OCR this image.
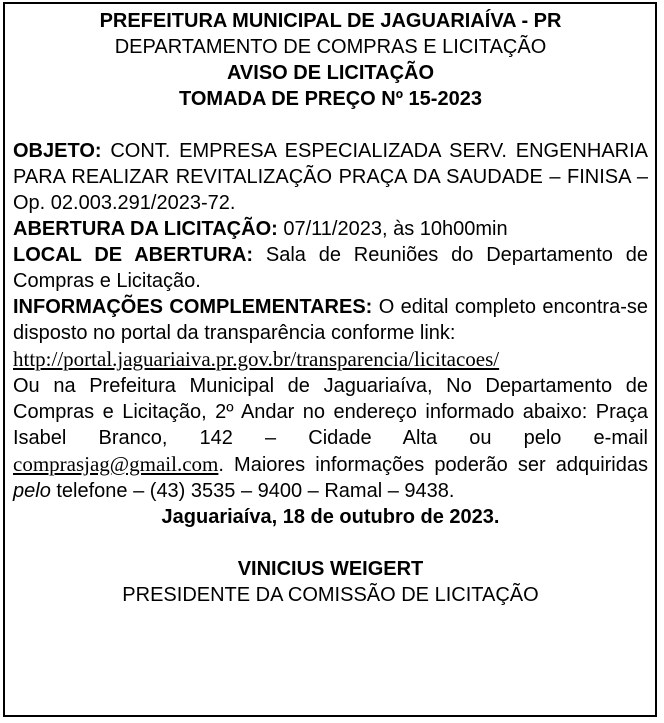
PREFEITURA MUNICIPAL DE JAGUARIAÍVA - PR

DEPARTAMENTO DE COMPRAS E LICITAÇÃO

AVISO DE LICITAÇÃO

TOMADA DE PREÇO Nº 15-2023

OBJETO: CONT. EMPRESA ESPECIALIZADA SERV. ENGENHARIA PARA REALIZAR REVITALIZAÇÃO PRAÇA DA SAUDADE – FINISA – Op. 02.003.291/2023-72.

ABERTURA DA LICITAÇÃO: 07/11/2023, às 10h00min

LOCAL DE ABERTURA: Sala de Reuniões do Departamento de Compras e Licitação.

INFORMAÇÕES COMPLEMENTARES: O edital completo encontra-se disposto no portal da transparência conforme link:

http://portal.jaguariaiva.pr.gov.br/transparencia/licitacoes/

Ou na Prefeitura Municipal de Jaguariaíva, No Departamento de Compras e Licitação, 2º Andar no endereço informado abaixo: Praça Isabel Branco, 142 – Cidade Alta ou pelo e-mail comprasjag@gmail.com. Maiores informações poderão ser adquiridas pelo telefone – (43) 3535 – 9400 – Ramal – 9438.

Jaguariaíva, 18 de outubro de 2023.

VINICIUS WEIGERT

PRESIDENTE DA COMISSÃO DE LICITAÇÃO
